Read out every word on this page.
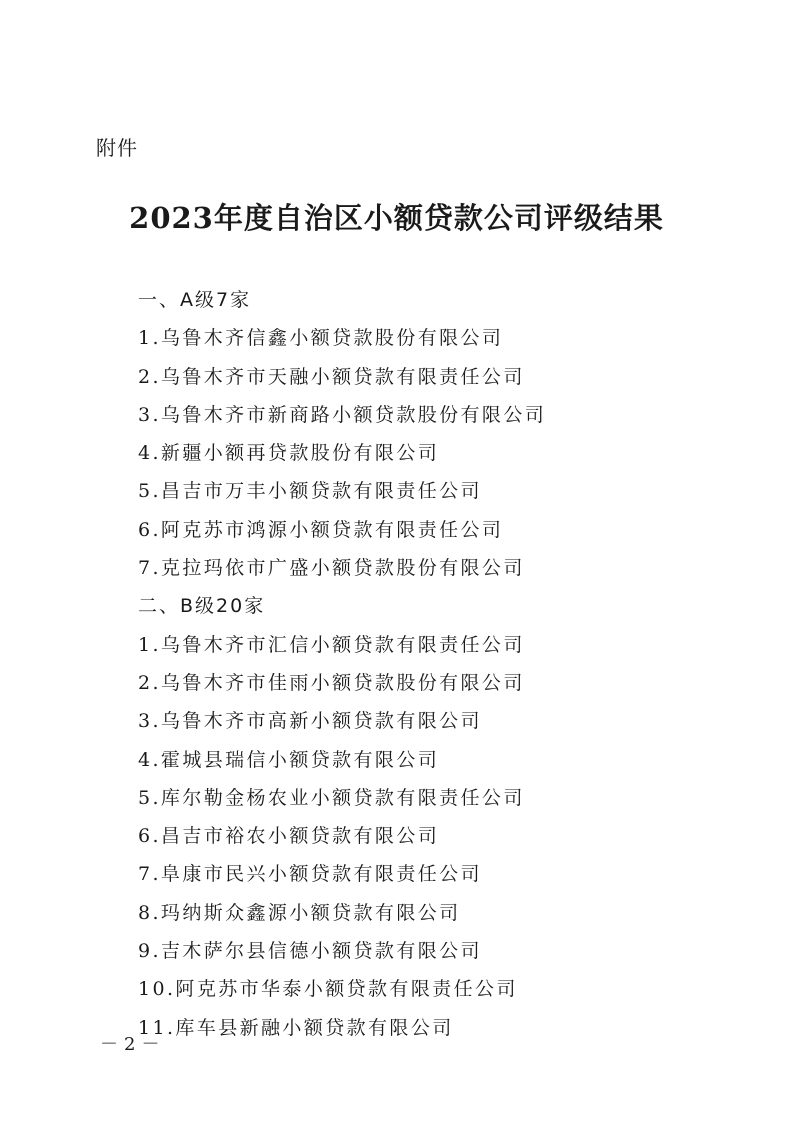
附件
2023年度自治区小额贷款公司评级结果
一、A级7家
1.乌鲁木齐信鑫小额贷款股份有限公司
2.乌鲁木齐市天融小额贷款有限责任公司
3.乌鲁木齐市新商路小额贷款股份有限公司
4.新疆小额再贷款股份有限公司
5.昌吉市万丰小额贷款有限责任公司
6.阿克苏市鸿源小额贷款有限责任公司
7.克拉玛依市广盛小额贷款股份有限公司
二、B级20家
1.乌鲁木齐市汇信小额贷款有限责任公司
2.乌鲁木齐市佳雨小额贷款股份有限公司
3.乌鲁木齐市高新小额贷款有限公司
4.霍城县瑞信小额贷款有限公司
5.库尔勒金杨农业小额贷款有限责任公司
6.昌吉市裕农小额贷款有限公司
7.阜康市民兴小额贷款有限责任公司
8.玛纳斯众鑫源小额贷款有限公司
9.吉木萨尔县信德小额贷款有限公司
10.阿克苏市华泰小额贷款有限责任公司
11.库车县新融小额贷款有限公司
－2－
